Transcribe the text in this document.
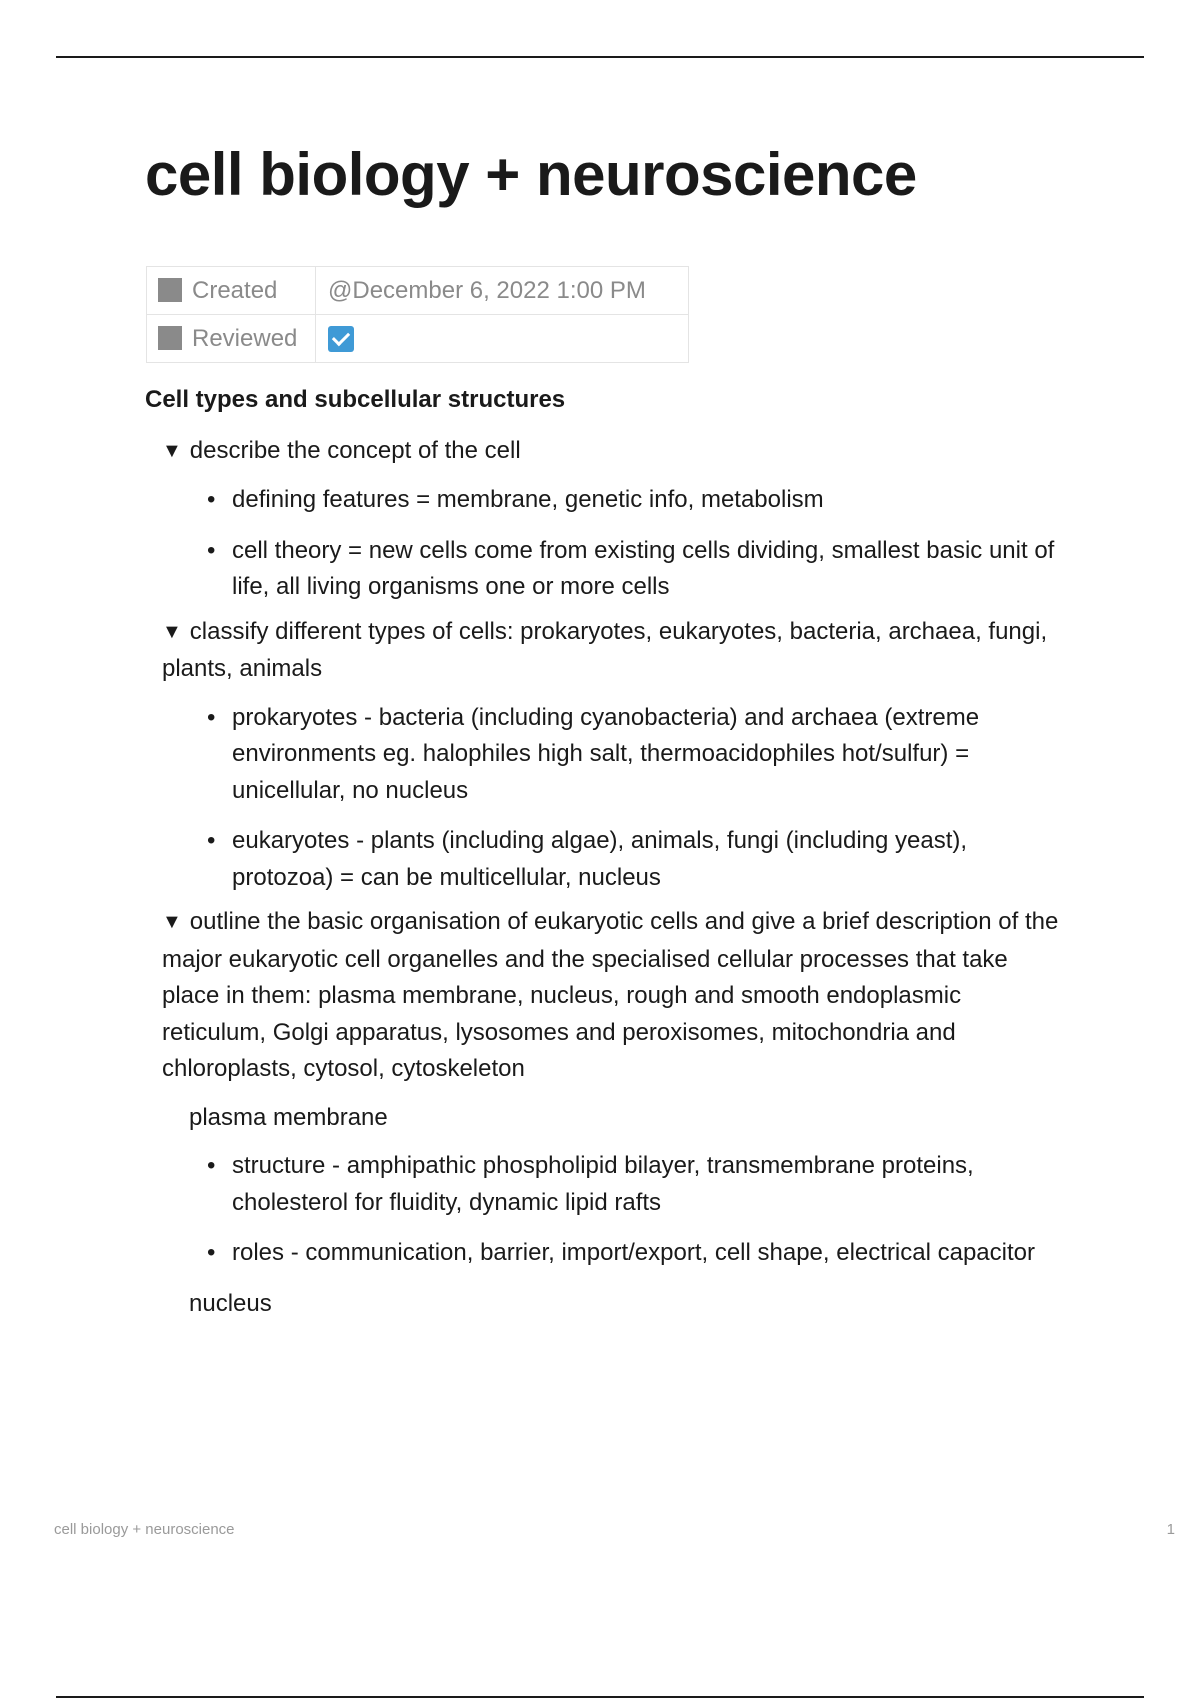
cell biology + neuroscience
Created	@December 6, 2022 1:00 PM
Reviewed	
Cell types and subcellular structures
▼ describe the concept of the cell
• defining features = membrane, genetic info, metabolism
• cell theory = new cells come from existing cells dividing, smallest basic unit of life, all living organisms one or more cells
▼ classify different types of cells: prokaryotes, eukaryotes, bacteria, archaea, fungi, plants, animals
• prokaryotes - bacteria (including cyanobacteria) and archaea (extreme environments eg. halophiles high salt, thermoacidophiles hot/sulfur) = unicellular, no nucleus
• eukaryotes - plants (including algae), animals, fungi (including yeast), protozoa) = can be multicellular, nucleus
▼ outline the basic organisation of eukaryotic cells and give a brief description of the major eukaryotic cell organelles and the specialised cellular processes that take place in them: plasma membrane, nucleus, rough and smooth endoplasmic reticulum, Golgi apparatus, lysosomes and peroxisomes, mitochondria and chloroplasts, cytosol, cytoskeleton
plasma membrane
• structure - amphipathic phospholipid bilayer, transmembrane proteins, cholesterol for fluidity, dynamic lipid rafts
• roles - communication, barrier, import/export, cell shape, electrical capacitor
nucleus
cell biology + neuroscience	1
